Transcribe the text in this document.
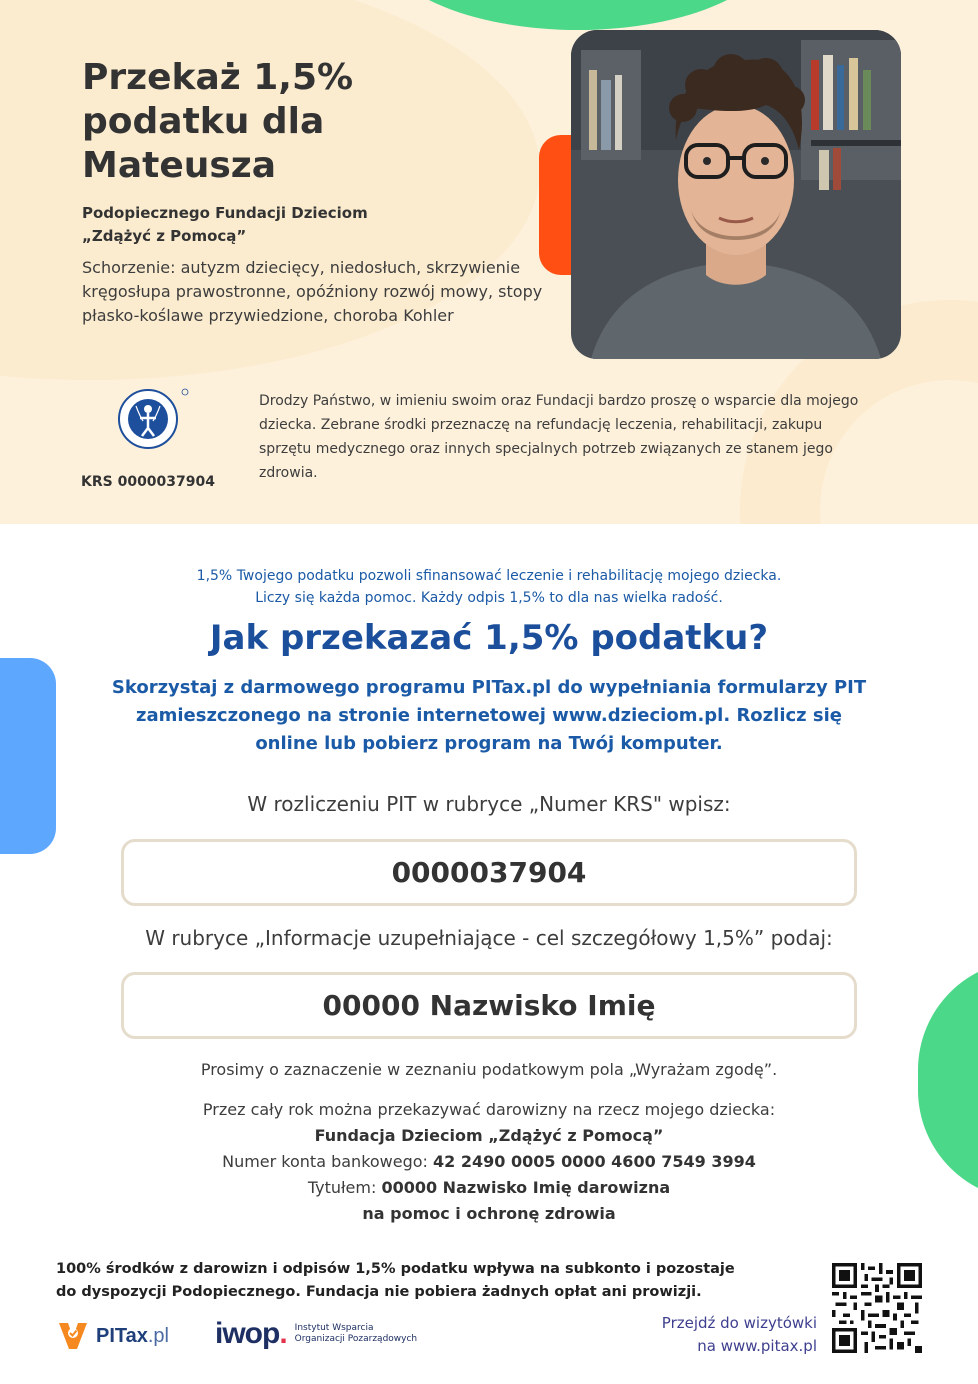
Przekaż 1,5% podatku dla Mateusza
Podopiecznego Fundacji Dzieciom
„Zdążyć z Pomocą”
Schorzenie: autyzm dziecięcy, niedosłuch, skrzywienie kręgosłupa prawostronne, opóźniony rozwój mowy, stopy płasko-koślawe przywiedzione, choroba Kohler
KRS 0000037904
Drodzy Państwo, w imieniu swoim oraz Fundacji bardzo proszę o wsparcie dla mojego dziecka. Zebrane środki przeznaczę na refundację leczenia, rehabilitacji, zakupu sprzętu medycznego oraz innych specjalnych potrzeb związanych ze stanem jego zdrowia.
1,5% Twojego podatku pozwoli sfinansować leczenie i rehabilitację mojego dziecka.
Liczy się każda pomoc. Każdy odpis 1,5% to dla nas wielka radość.
Jak przekazać 1,5% podatku?
Skorzystaj z darmowego programu PITax.pl do wypełniania formularzy PIT zamieszczonego na stronie internetowej www.dzieciom.pl. Rozlicz się online lub pobierz program na Twój komputer.
W rozliczeniu PIT w rubryce „Numer KRS" wpisz:
0000037904
W rubryce „Informacje uzupełniające - cel szczegółowy 1,5%” podaj:
00000 Nazwisko Imię
Prosimy o zaznaczenie w zeznaniu podatkowym pola „Wyrażam zgodę”.
Przez cały rok można przekazywać darowizny na rzecz mojego dziecka:
Fundacja Dzieciom „Zdążyć z Pomocą”
Numer konta bankowego: 42 2490 0005 0000 4600 7549 3994
Tytułem: 00000 Nazwisko Imię darowizna
na pomoc i ochronę zdrowia
100% środków z darowizn i odpisów 1,5% podatku wpływa na subkonto i pozostaje do dyspozycji Podopiecznego. Fundacja nie pobiera żadnych opłat ani prowizji.
PITax.pl iwop. Instytut Wsparcia
Organizacji Pozarządowych
Przejdź do wizytówki
na www.pitax.pl
